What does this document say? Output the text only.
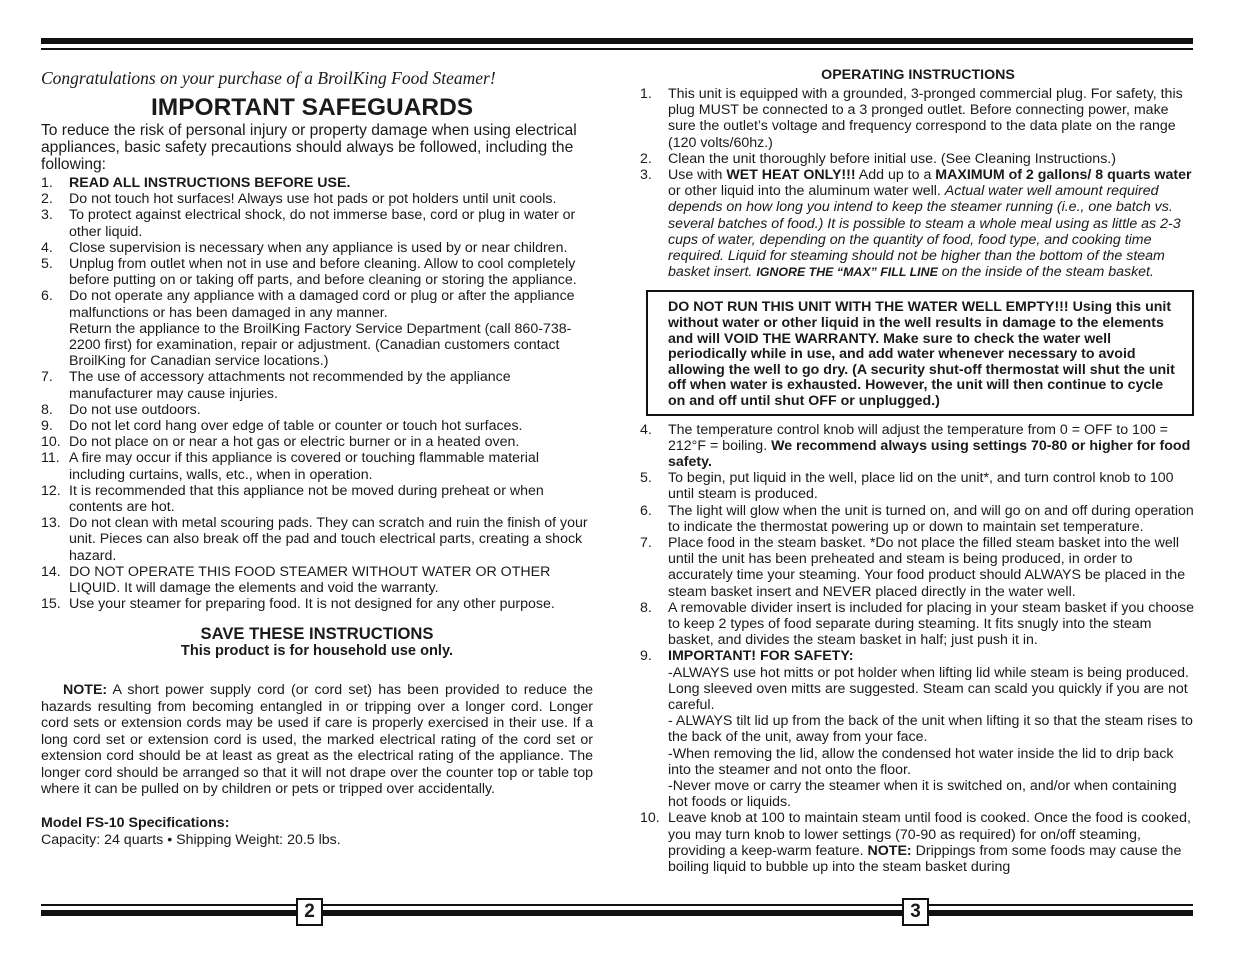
Congratulations on your purchase of a BroilKing Food Steamer!
IMPORTANT SAFEGUARDS
To reduce the risk of personal injury or property damage when using electrical appliances, basic safety precautions should always be followed, including the following:
1. READ ALL INSTRUCTIONS BEFORE USE.
2. Do not touch hot surfaces! Always use hot pads or pot holders until unit cools.
3. To protect against electrical shock, do not immerse base, cord or plug in water or other liquid.
4. Close supervision is necessary when any appliance is used by or near children.
5. Unplug from outlet when not in use and before cleaning. Allow to cool completely before putting on or taking off parts, and before cleaning or storing the appliance.
6. Do not operate any appliance with a damaged cord or plug or after the appliance malfunctions or has been damaged in any manner.
Return the appliance to the BroilKing Factory Service Department (call 860-738-2200 first) for examination, repair or adjustment. (Canadian customers contact BroilKing for Canadian service locations.)
7. The use of accessory attachments not recommended by the appliance manufacturer may cause injuries.
8. Do not use outdoors.
9. Do not let cord hang over edge of table or counter or touch hot surfaces.
10. Do not place on or near a hot gas or electric burner or in a heated oven.
11. A fire may occur if this appliance is covered or touching flammable material including curtains, walls, etc., when in operation.
12. It is recommended that this appliance not be moved during preheat or when contents are hot.
13. Do not clean with metal scouring pads. They can scratch and ruin the finish of your unit. Pieces can also break off the pad and touch electrical parts, creating a shock hazard.
14. DO NOT OPERATE THIS FOOD STEAMER WITHOUT WATER OR OTHER LIQUID. It will damage the elements and void the warranty.
15. Use your steamer for preparing food. It is not designed for any other purpose.
SAVE THESE INSTRUCTIONS
This product is for household use only.
NOTE: A short power supply cord (or cord set) has been provided to reduce the hazards resulting from becoming entangled in or tripping over a longer cord. Longer cord sets or extension cords may be used if care is properly exercised in their use. If a long cord set or extension cord is used, the marked electrical rating of the cord set or extension cord should be at least as great as the electrical rating of the appliance. The longer cord should be arranged so that it will not drape over the counter top or table top where it can be pulled on by children or pets or tripped over accidentally.
Model FS-10 Specifications:
Capacity: 24 quarts • Shipping Weight: 20.5 lbs.
OPERATING INSTRUCTIONS
1. This unit is equipped with a grounded, 3-pronged commercial plug. For safety, this plug MUST be connected to a 3 pronged outlet. Before connecting power, make sure the outlet’s voltage and frequency correspond to the data plate on the range (120 volts/60hz.)
2. Clean the unit thoroughly before initial use. (See Cleaning Instructions.)
3. Use with WET HEAT ONLY!!! Add up to a MAXIMUM of 2 gallons/ 8 quarts water or other liquid into the aluminum water well. Actual water well amount required depends on how long you intend to keep the steamer running (i.e., one batch vs. several batches of food.) It is possible to steam a whole meal using as little as 2-3 cups of water, depending on the quantity of food, food type, and cooking time required. Liquid for steaming should not be higher than the bottom of the steam basket insert. IGNORE THE “MAX” FILL LINE on the inside of the steam basket.
DO NOT RUN THIS UNIT WITH THE WATER WELL EMPTY!!! Using this unit without water or other liquid in the well results in damage to the elements and will VOID THE WARRANTY. Make sure to check the water well periodically while in use, and add water whenever necessary to avoid allowing the well to go dry. (A security shut-off thermostat will shut the unit off when water is exhausted. However, the unit will then continue to cycle on and off until shut OFF or unplugged.)
4. The temperature control knob will adjust the temperature from 0 = OFF to 100 = 212°F = boiling. We recommend always using settings 70-80 or higher for food safety.
5. To begin, put liquid in the well, place lid on the unit*, and turn control knob to 100 until steam is produced.
6. The light will glow when the unit is turned on, and will go on and off during operation to indicate the thermostat powering up or down to maintain set temperature.
7. Place food in the steam basket. *Do not place the filled steam basket into the well until the unit has been preheated and steam is being produced, in order to accurately time your steaming. Your food product should ALWAYS be placed in the steam basket insert and NEVER placed directly in the water well.
8. A removable divider insert is included for placing in your steam basket if you choose to keep 2 types of food separate during steaming. It fits snugly into the steam basket, and divides the steam basket in half; just push it in.
9. IMPORTANT! FOR SAFETY:
-ALWAYS use hot mitts or pot holder when lifting lid while steam is being produced. Long sleeved oven mitts are suggested. Steam can scald you quickly if you are not careful.
- ALWAYS tilt lid up from the back of the unit when lifting it so that the steam rises to the back of the unit, away from your face.
-When removing the lid, allow the condensed hot water inside the lid to drip back into the steamer and not onto the floor.
-Never move or carry the steamer when it is switched on, and/or when containing hot foods or liquids.
10. Leave knob at 100 to maintain steam until food is cooked. Once the food is cooked, you may turn knob to lower settings (70-90 as required) for on/off steaming, providing a keep-warm feature. NOTE: Drippings from some foods may cause the boiling liquid to bubble up into the steam basket during
2	3
